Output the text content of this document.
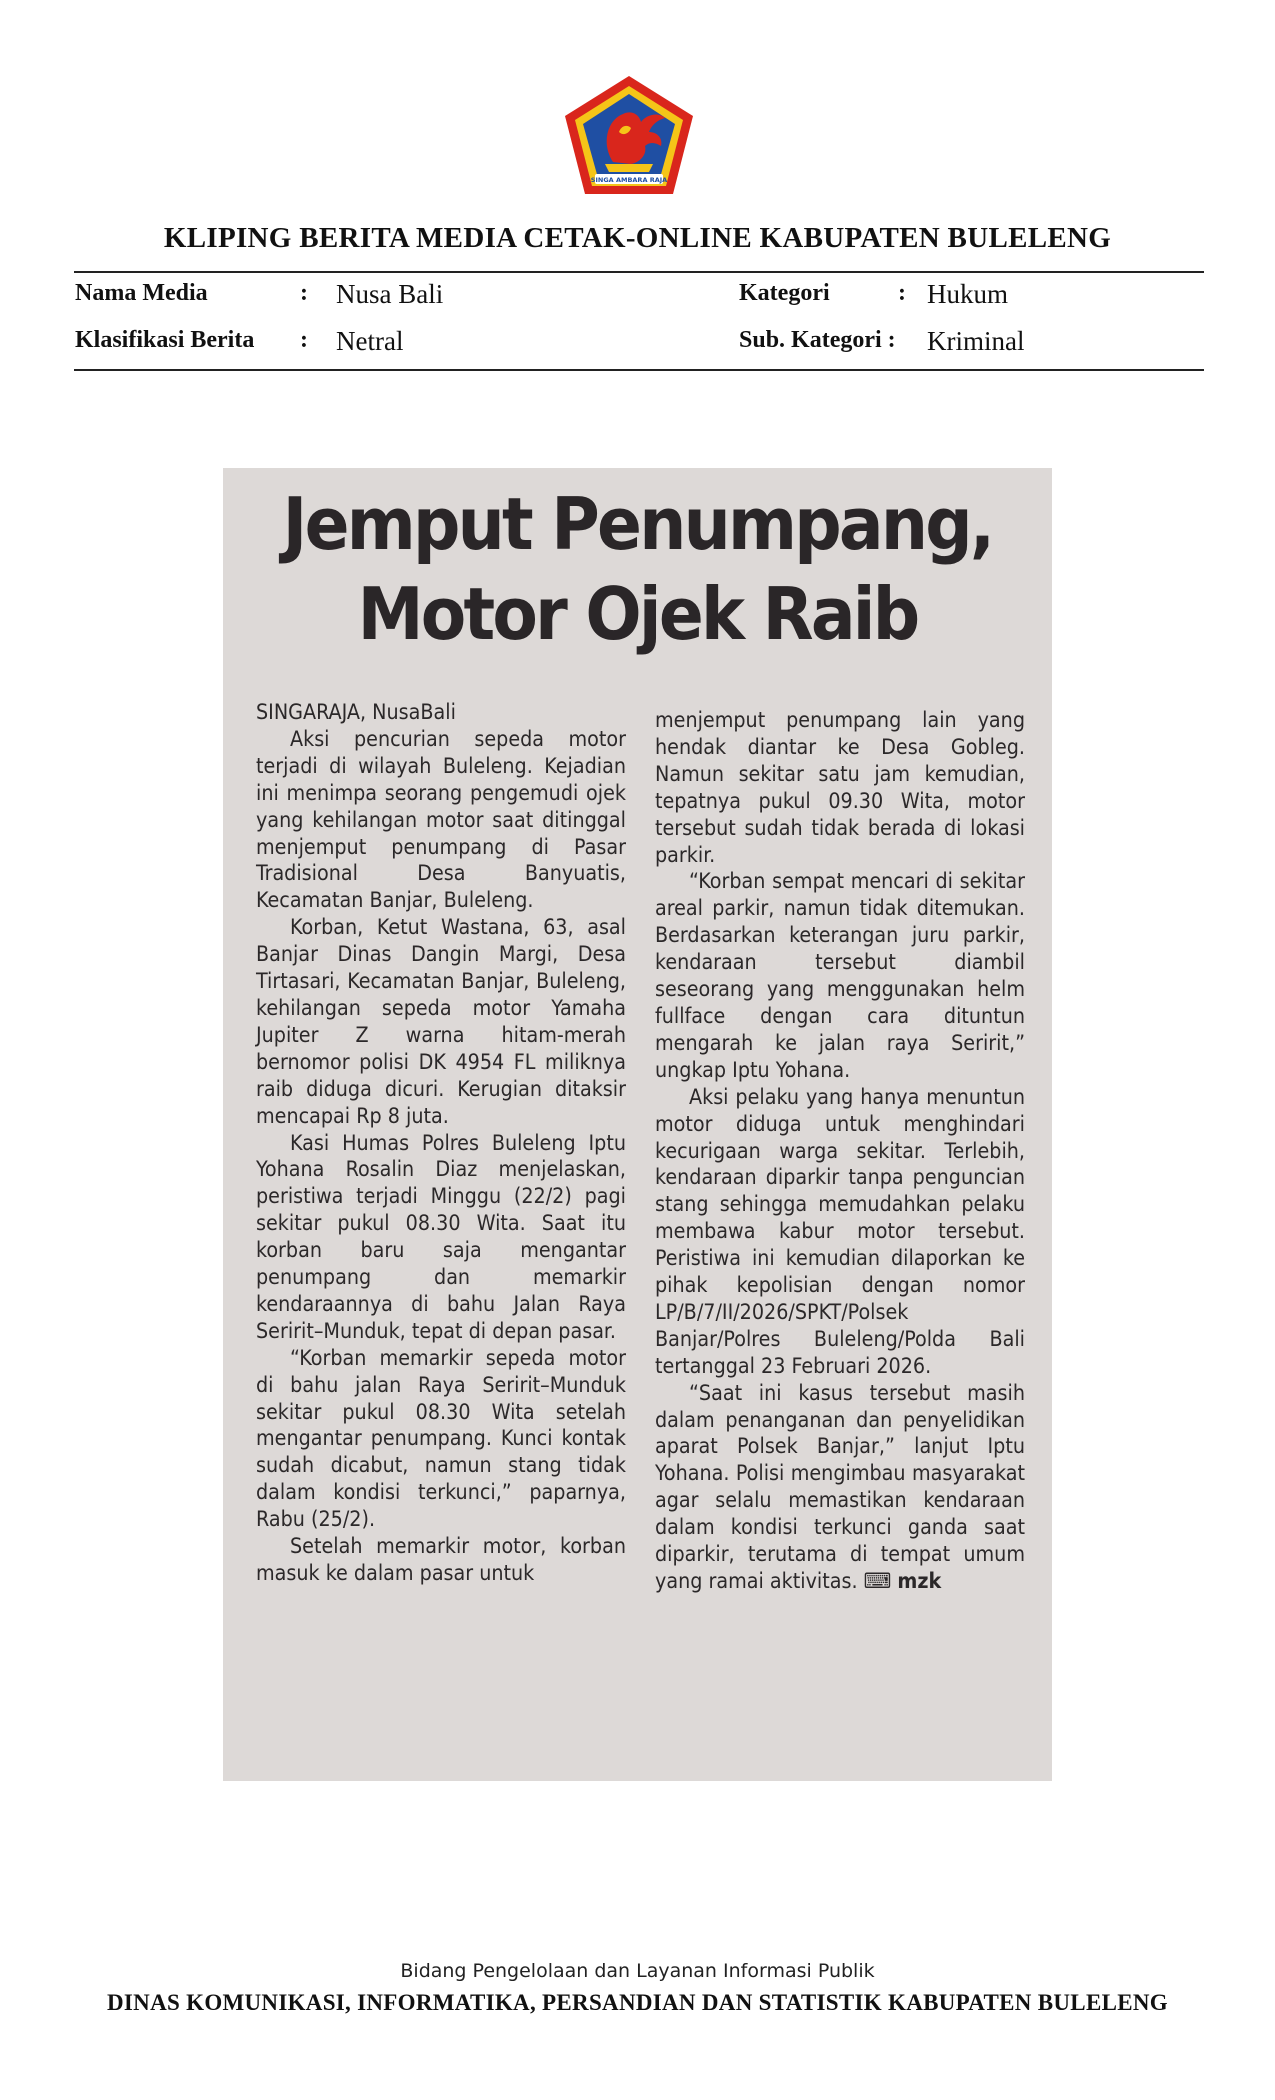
SINGA AMBARA RAJA
KLIPING BERITA MEDIA CETAK-ONLINE KABUPATEN BULELENG
Nama Media	: Nusa Bali	Kategori	: Hukum
Klasifikasi Berita : Netral	Sub. Kategori : Kriminal
Jemput Penumpang,
Motor Ojek Raib

SINGARAJA, NusaBali

Aksi pencurian sepeda motor terjadi di wilayah Buleleng. Kejadian ini menimpa seorang pengemudi ojek yang kehilangan motor saat ditinggal menjemput penumpang di Pasar Tradisional Desa Banyuatis, Kecamatan Banjar, Buleleng.

Korban, Ketut Wastana, 63, asal Banjar Dinas Dangin Margi, Desa Tirtasari, Kecamatan Banjar, Buleleng, kehilangan sepeda motor Yamaha Jupiter Z warna hitam-merah bernomor polisi DK 4954 FL miliknya raib diduga dicuri. Kerugian ditaksir mencapai Rp 8 juta.

Kasi Humas Polres Buleleng Iptu Yohana Rosalin Diaz menjelaskan, peristiwa terjadi Minggu (22/2) pagi sekitar pukul 08.30 Wita. Saat itu korban baru saja mengantar penumpang dan memarkir kendaraannya di bahu Jalan Raya Seririt–Munduk, tepat di depan pasar.

“Korban memarkir sepeda motor di bahu jalan Raya Seririt–Munduk sekitar pukul 08.30 Wita setelah mengantar penumpang. Kunci kontak sudah dicabut, namun stang tidak dalam kondisi terkunci,” paparnya, Rabu (25/2).

Setelah memarkir motor, korban masuk ke dalam pasar untuk

menjemput penumpang lain yang hendak diantar ke Desa Gobleg. Namun sekitar satu jam kemudian, tepatnya pukul 09.30 Wita, motor tersebut sudah tidak berada di lokasi parkir.

“Korban sempat mencari di sekitar areal parkir, namun tidak ditemukan. Berdasarkan keterangan juru parkir, kendaraan tersebut diambil seseorang yang menggunakan helm fullface dengan cara dituntun mengarah ke jalan raya Seririt,” ungkap Iptu Yohana.

Aksi pelaku yang hanya menuntun motor diduga untuk menghindari kecurigaan warga sekitar. Terlebih, kendaraan diparkir tanpa penguncian stang sehingga memudahkan pelaku membawa kabur motor tersebut. Peristiwa ini kemudian dilaporkan ke pihak kepolisian dengan nomor LP/B/7/II/2026/SPKT/Polsek Banjar/Polres Buleleng/Polda Bali tertanggal 23 Februari 2026.

“Saat ini kasus tersebut masih dalam penanganan dan penyelidikan aparat Polsek Banjar,” lanjut Iptu Yohana. Polisi mengimbau masyarakat agar selalu memastikan kendaraan dalam kondisi terkunci ganda saat diparkir, terutama di tempat umum yang ramai aktivitas. ⌨ mzk

Bidang Pengelolaan dan Layanan Informasi Publik
DINAS KOMUNIKASI, INFORMATIKA, PERSANDIAN DAN STATISTIK KABUPATEN BULELENG
